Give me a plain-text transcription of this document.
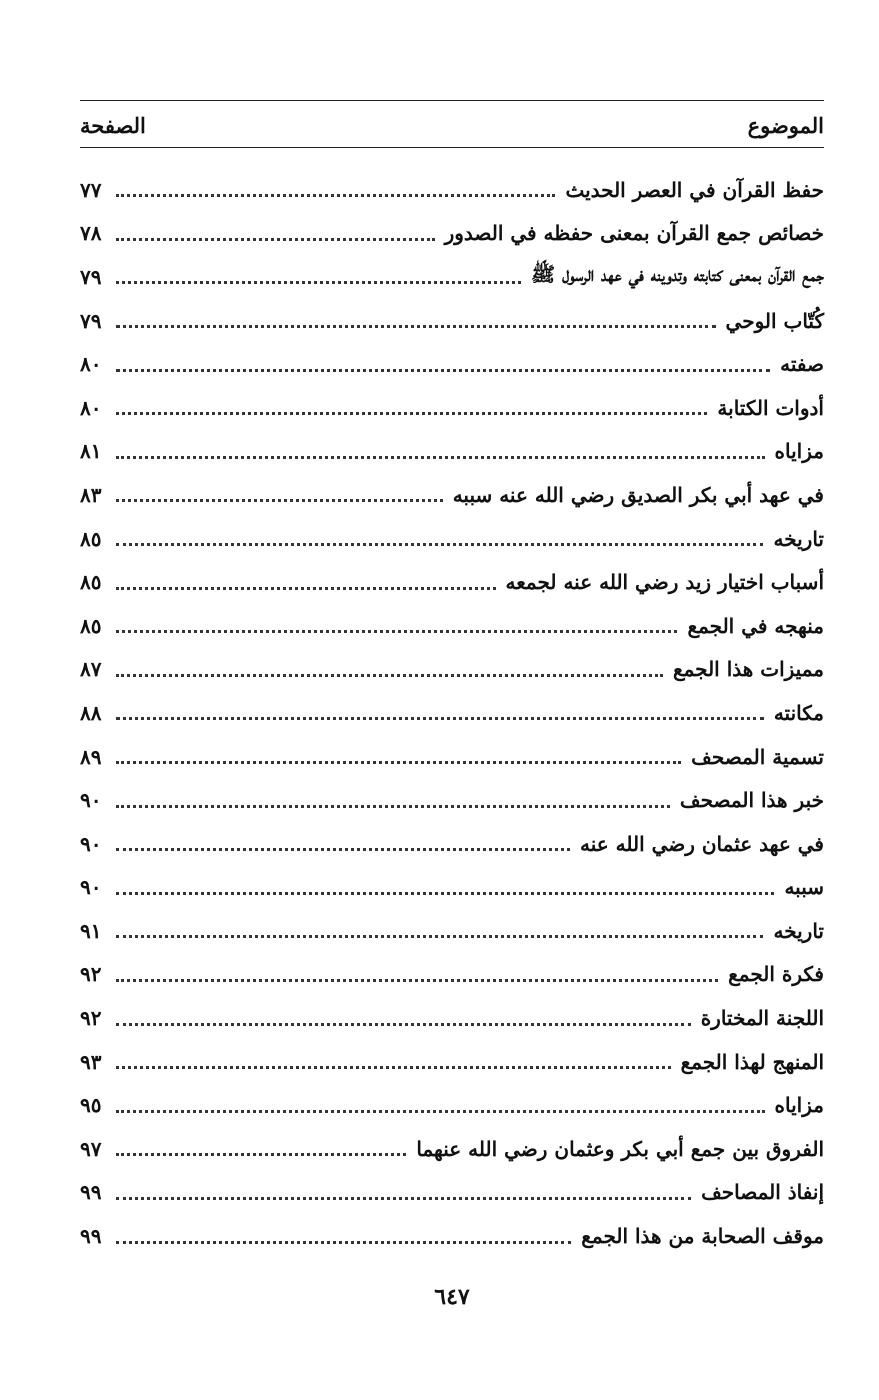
الموضوع
الصفحة
حفظ القرآن في العصر الحديث
٧٧
خصائص جمع القرآن بمعنى حفظه في الصدور
٧٨
جمع القرآن بمعنى كتابته وتدوينه في عهد الرسول ﷺ
٧٩
كُتّاب الوحي
٧٩
صفته
٨٠
أدوات الكتابة
٨٠
مزاياه
٨١
في عهد أبي بكر الصديق رضي الله عنه سببه
٨٣
تاريخه
٨٥
أسباب اختيار زيد رضي الله عنه لجمعه
٨٥
منهجه في الجمع
٨٥
مميزات هذا الجمع
٨٧
مكانته
٨٨
تسمية المصحف
٨٩
خبر هذا المصحف
٩٠
في عهد عثمان رضي الله عنه
٩٠
سببه
٩٠
تاريخه
٩١
فكرة الجمع
٩٢
اللجنة المختارة
٩٢
المنهج لهذا الجمع
٩٣
مزاياه
٩٥
الفروق بين جمع أبي بكر وعثمان رضي الله عنهما
٩٧
إنفاذ المصاحف
٩٩
موقف الصحابة من هذا الجمع
٩٩
٦٤٧
